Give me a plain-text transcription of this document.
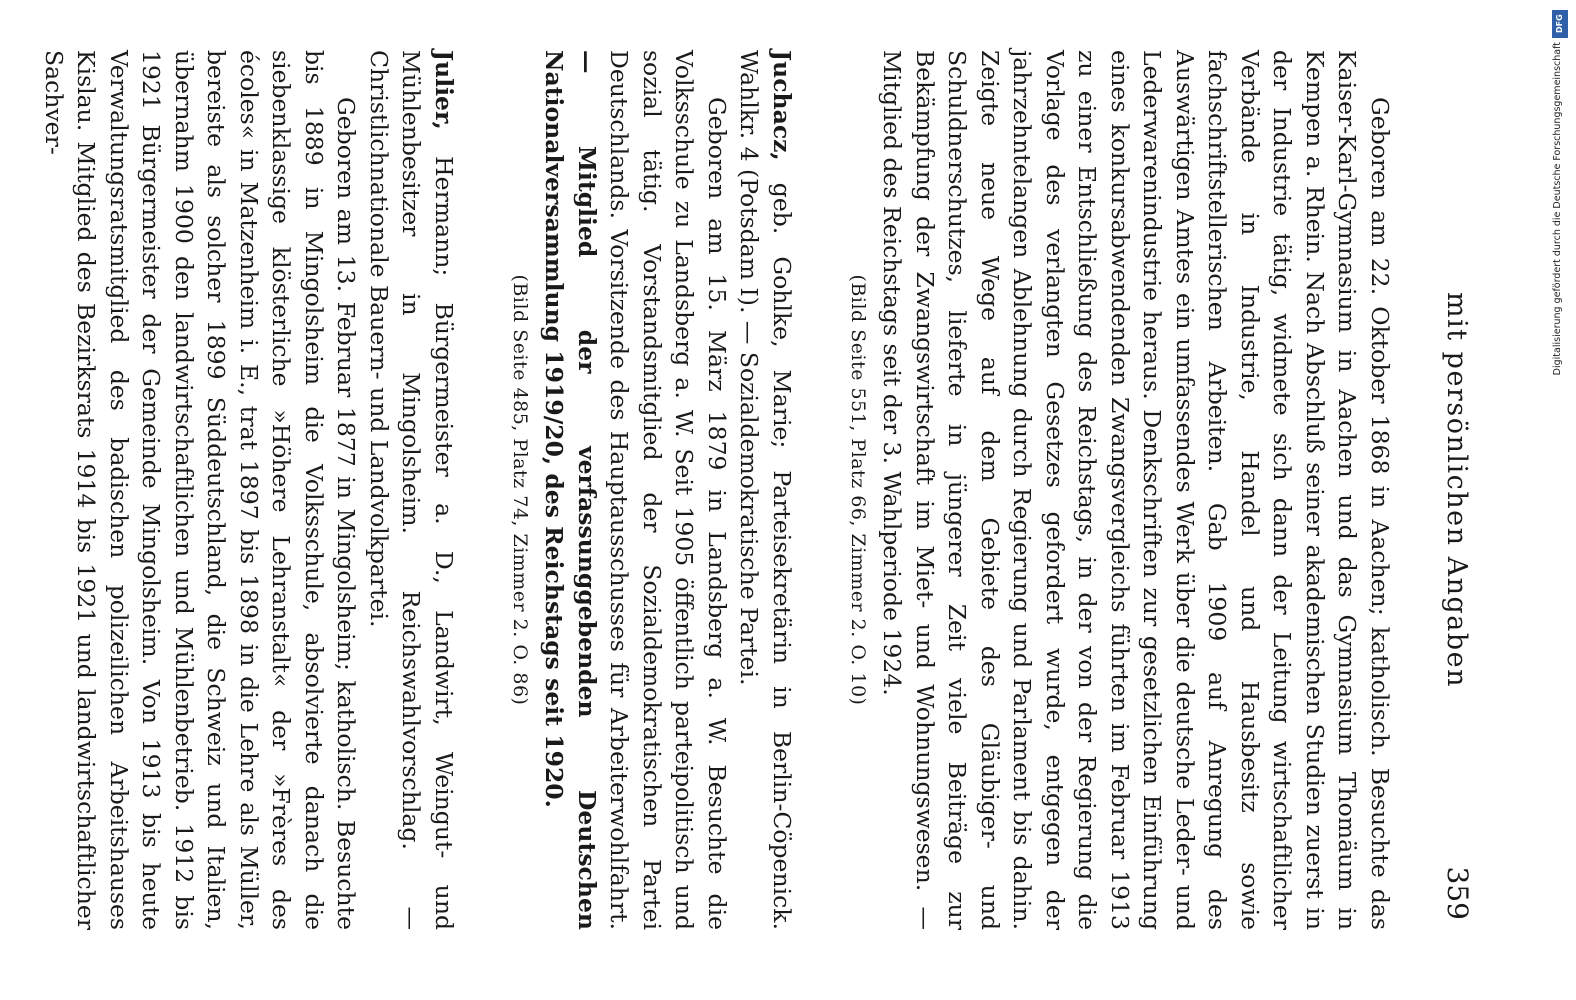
mit persönlichen Angaben
359

Geboren am 22. Oktober 1868 in Aachen; katholisch. Besuchte das Kaiser-Karl-Gymnasium in Aachen und das Gymnasium Thomäum in Kempen a. Rhein. Nach Abschluß seiner akademischen Studien zuerst in der Industrie tätig, widmete sich dann der Leitung wirtschaftlicher Verbände in Industrie, Handel und Hausbesitz sowie fachschriftstellerischen Arbeiten. Gab 1909 auf Anregung des Auswärtigen Amtes ein umfassendes Werk über die deutsche Leder- und Lederwarenindustrie heraus. Denkschriften zur gesetzlichen Einführung eines konkursabwendenden Zwangsvergleichs führten im Februar 1913 zu einer Entschließung des Reichstags, in der von der Regierung die Vorlage des verlangten Gesetzes gefordert wurde, entgegen der jahrzehntelangen Ablehnung durch Regierung und Parlament bis dahin. Zeigte neue Wege auf dem Gebiete des Gläubiger- und Schuldnerschutzes, lieferte in jüngerer Zeit viele Beiträge zur Bekämpfung der Zwangswirtschaft im Miet- und Wohnungswesen. — Mitglied des Reichstags seit der 3. Wahlperiode 1924.

(Bild Seite 551, Platz 66, Zimmer 2. O. 10)

Juchacz, geb. Gohlke, Marie; Parteisekretärin in Berlin-Cöpenick. Wahlkr. 4 (Potsdam I). — Sozialdemokratische Partei.

Geboren am 15. März 1879 in Landsberg a. W. Besuchte die Volksschule zu Landsberg a. W. Seit 1905 öffentlich parteipolitisch und sozial tätig. Vorstandsmitglied der Sozialdemokratischen Partei Deutschlands. Vorsitzende des Hauptausschusses für Arbeiterwohlfahrt. — Mitglied der verfassunggebenden Deutschen Nationalversammlung 1919/20, des Reichstags seit 1920.

(Bild Seite 485, Platz 74, Zimmer 2. O. 86)

Julier, Hermann; Bürgermeister a. D., Landwirt, Weingut- und Mühlenbesitzer in Mingolsheim. Reichswahlvorschlag. — Christlichnationale Bauern- und Landvolkpartei.

Geboren am 13. Februar 1877 in Mingolsheim; katholisch. Besuchte bis 1889 in Mingolsheim die Volksschule, absolvierte danach die siebenklassige klösterliche »Höhere Lehranstalt« der »Frères des écoles« in Matzenheim i. E., trat 1897 bis 1898 in die Lehre als Müller, bereiste als solcher 1899 Süddeutschland, die Schweiz und Italien, übernahm 1900 den landwirtschaftlichen und Mühlenbetrieb. 1912 bis 1921 Bürgermeister der Gemeinde Mingolsheim. Von 1913 bis heute Verwaltungsratsmitglied des badischen polizeilichen Arbeitshauses Kislau. Mitglied des Bezirksrats 1914 bis 1921 und landwirtschaftlicher Sachver-

DFG
Digitalisierung gefördert durch die Deutsche Forschungsgemeinschaft
